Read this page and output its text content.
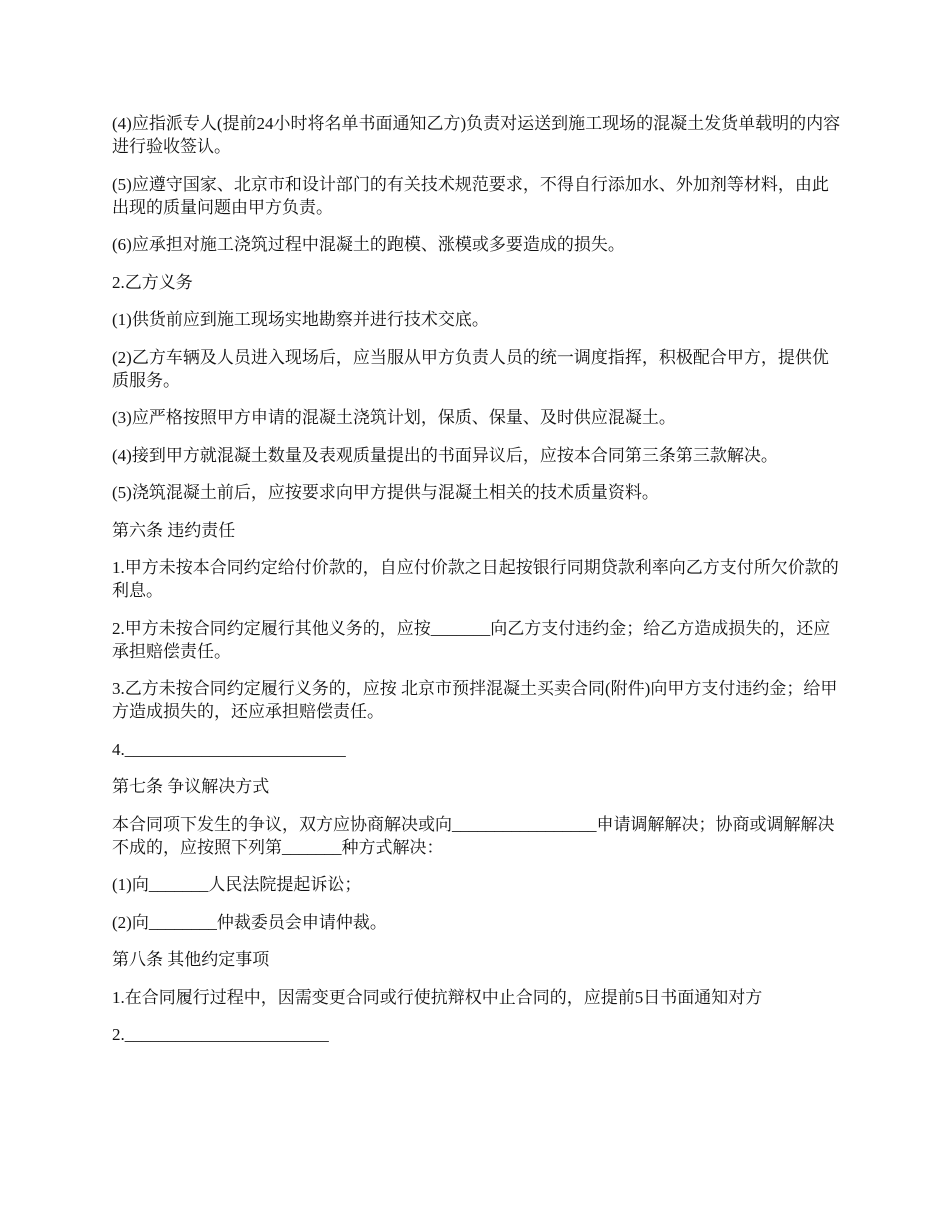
(4)应指派专人(提前24小时将名单书面通知乙方)负责对运送到施工现场的混凝土发货单载明的内容进行验收签认。

(5)应遵守国家、北京市和设计部门的有关技术规范要求，不得自行添加水、外加剂等材料，由此出现的质量问题由甲方负责。

(6)应承担对施工浇筑过程中混凝土的跑模、涨模或多要造成的损失。

2.乙方义务

(1)供货前应到施工现场实地勘察并进行技术交底。

(2)乙方车辆及人员进入现场后，应当服从甲方负责人员的统一调度指挥，积极配合甲方，提供优质服务。

(3)应严格按照甲方申请的混凝土浇筑计划，保质、保量、及时供应混凝土。

(4)接到甲方就混凝土数量及表观质量提出的书面异议后，应按本合同第三条第三款解决。

(5)浇筑混凝土前后，应按要求向甲方提供与混凝土相关的技术质量资料。

第六条 违约责任

1.甲方未按本合同约定给付价款的，自应付价款之日起按银行同期贷款利率向乙方支付所欠价款的利息。

2.甲方未按合同约定履行其他义务的，应按_______向乙方支付违约金；给乙方造成损失的，还应承担赔偿责任。

3.乙方未按合同约定履行义务的，应按 北京市预拌混凝土买卖合同(附件)向甲方支付违约金；给甲方造成损失的，还应承担赔偿责任。

4.__________________________

第七条 争议解决方式

本合同项下发生的争议，双方应协商解决或向_________________申请调解解决；协商或调解解决不成的，应按照下列第_______种方式解决：

(1)向_______人民法院提起诉讼；

(2)向________仲裁委员会申请仲裁。

第八条 其他约定事项

1.在合同履行过程中，因需变更合同或行使抗辩权中止合同的，应提前5日书面通知对方

2.________________________
